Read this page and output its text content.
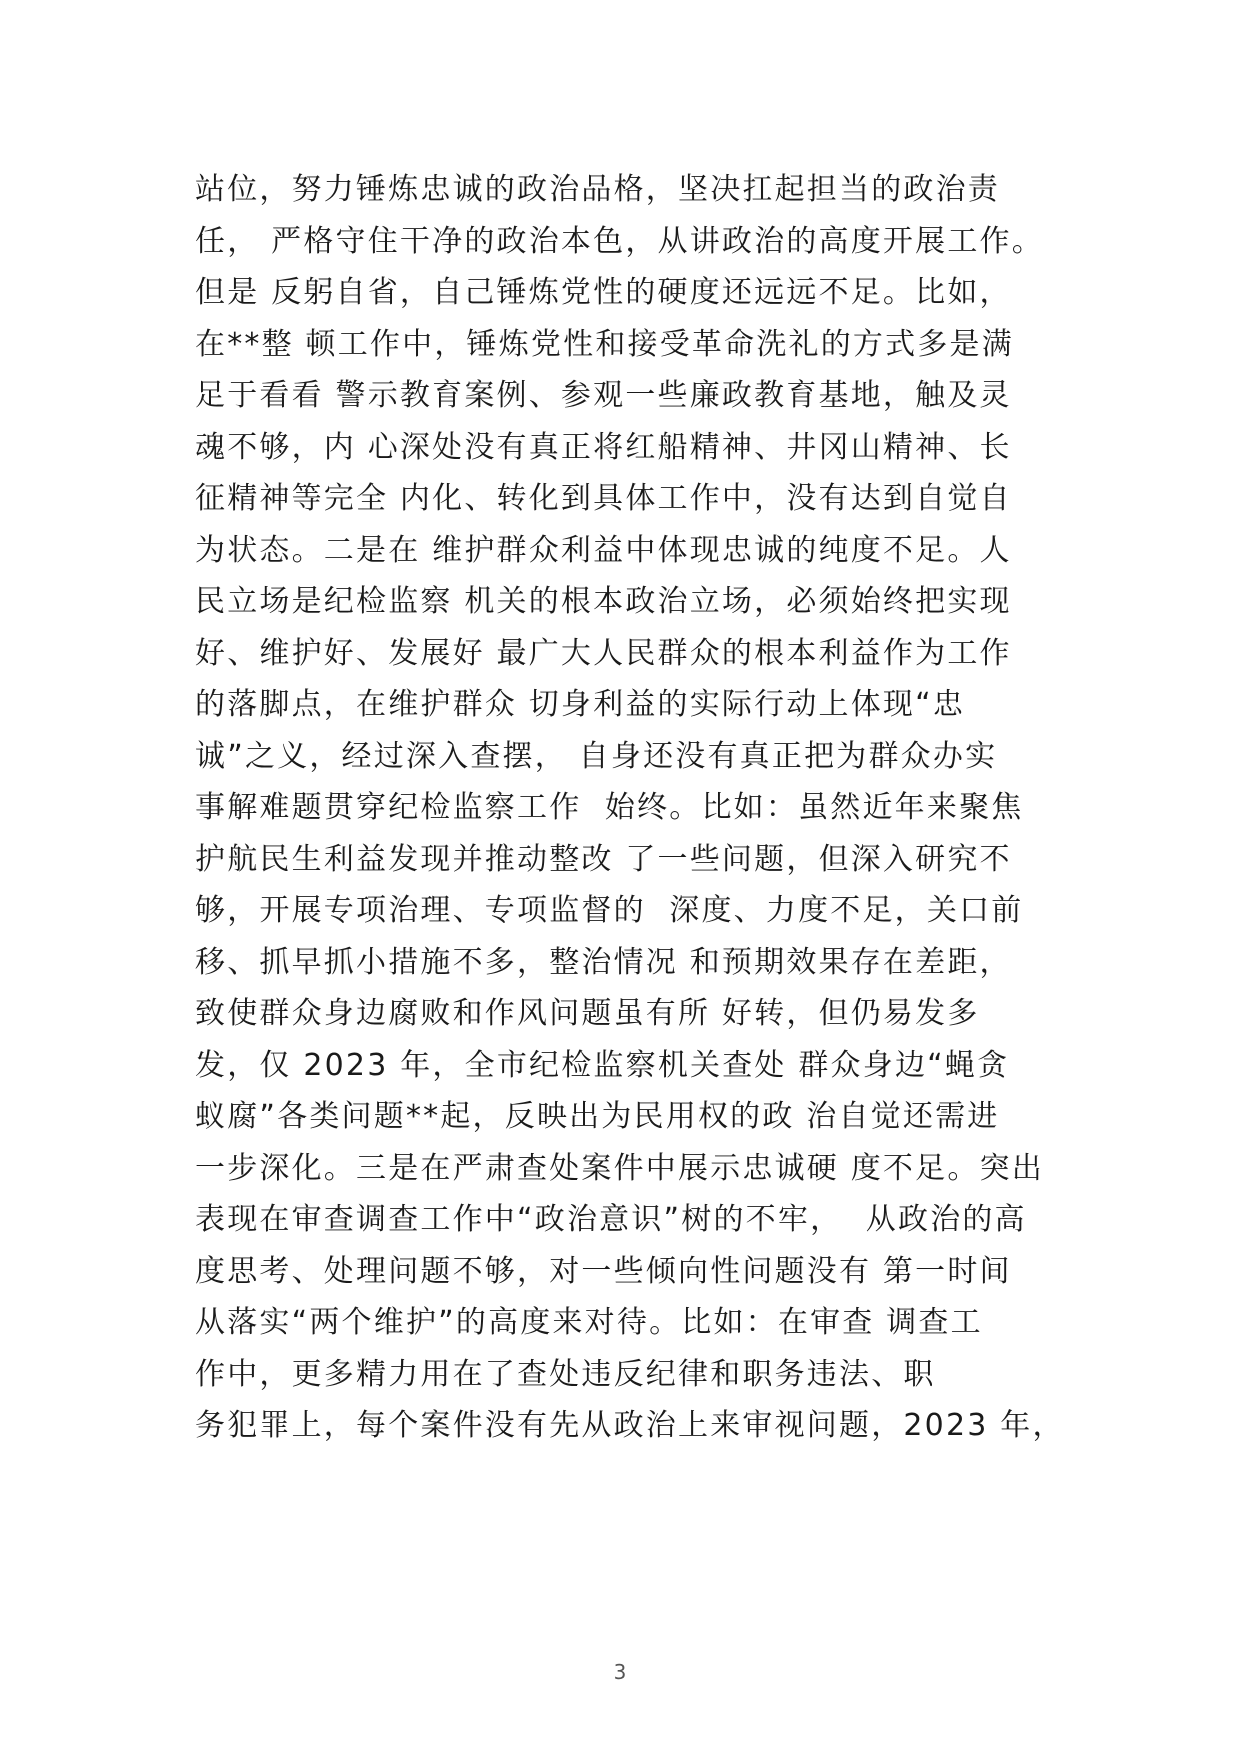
站位，努力锤炼忠诚的政治品格，坚决扛起担当的政治责
任， 严格守住干净的政治本色，从讲政治的高度开展工作。
但是 反躬自省，自己锤炼党性的硬度还远远不足。比如，
在**整 顿工作中，锤炼党性和接受革命洗礼的方式多是满
足于看看 警示教育案例、参观一些廉政教育基地，触及灵
魂不够，内 心深处没有真正将红船精神、井冈山精神、长
征精神等完全 内化、转化到具体工作中，没有达到自觉自
为状态。二是在 维护群众利益中体现忠诚的纯度不足。人
民立场是纪检监察 机关的根本政治立场，必须始终把实现
好、维护好、发展好 最广大人民群众的根本利益作为工作
的落脚点，在维护群众 切身利益的实际行动上体现“忠
诚”之义，经过深入查摆， 自身还没有真正把为群众办实
事解难题贯穿纪检监察工作  始终。比如：虽然近年来聚焦
护航民生利益发现并推动整改 了一些问题，但深入研究不
够，开展专项治理、专项监督的  深度、力度不足，关口前
移、抓早抓小措施不多，整治情况 和预期效果存在差距，
致使群众身边腐败和作风问题虽有所 好转，但仍易发多
发，仅 2023 年，全市纪检监察机关查处 群众身边“蝇贪
蚁腐”各类问题**起，反映出为民用权的政 治自觉还需进
一步深化。三是在严肃查处案件中展示忠诚硬 度不足。突出
表现在审查调查工作中“政治意识”树的不牢，  从政治的高
度思考、处理问题不够，对一些倾向性问题没有 第一时间
从落实“两个维护”的高度来对待。比如：在审查 调查工
作中，更多精力用在了查处违反纪律和职务违法、职
务犯罪上，每个案件没有先从政治上来审视问题，2023 年，
3
